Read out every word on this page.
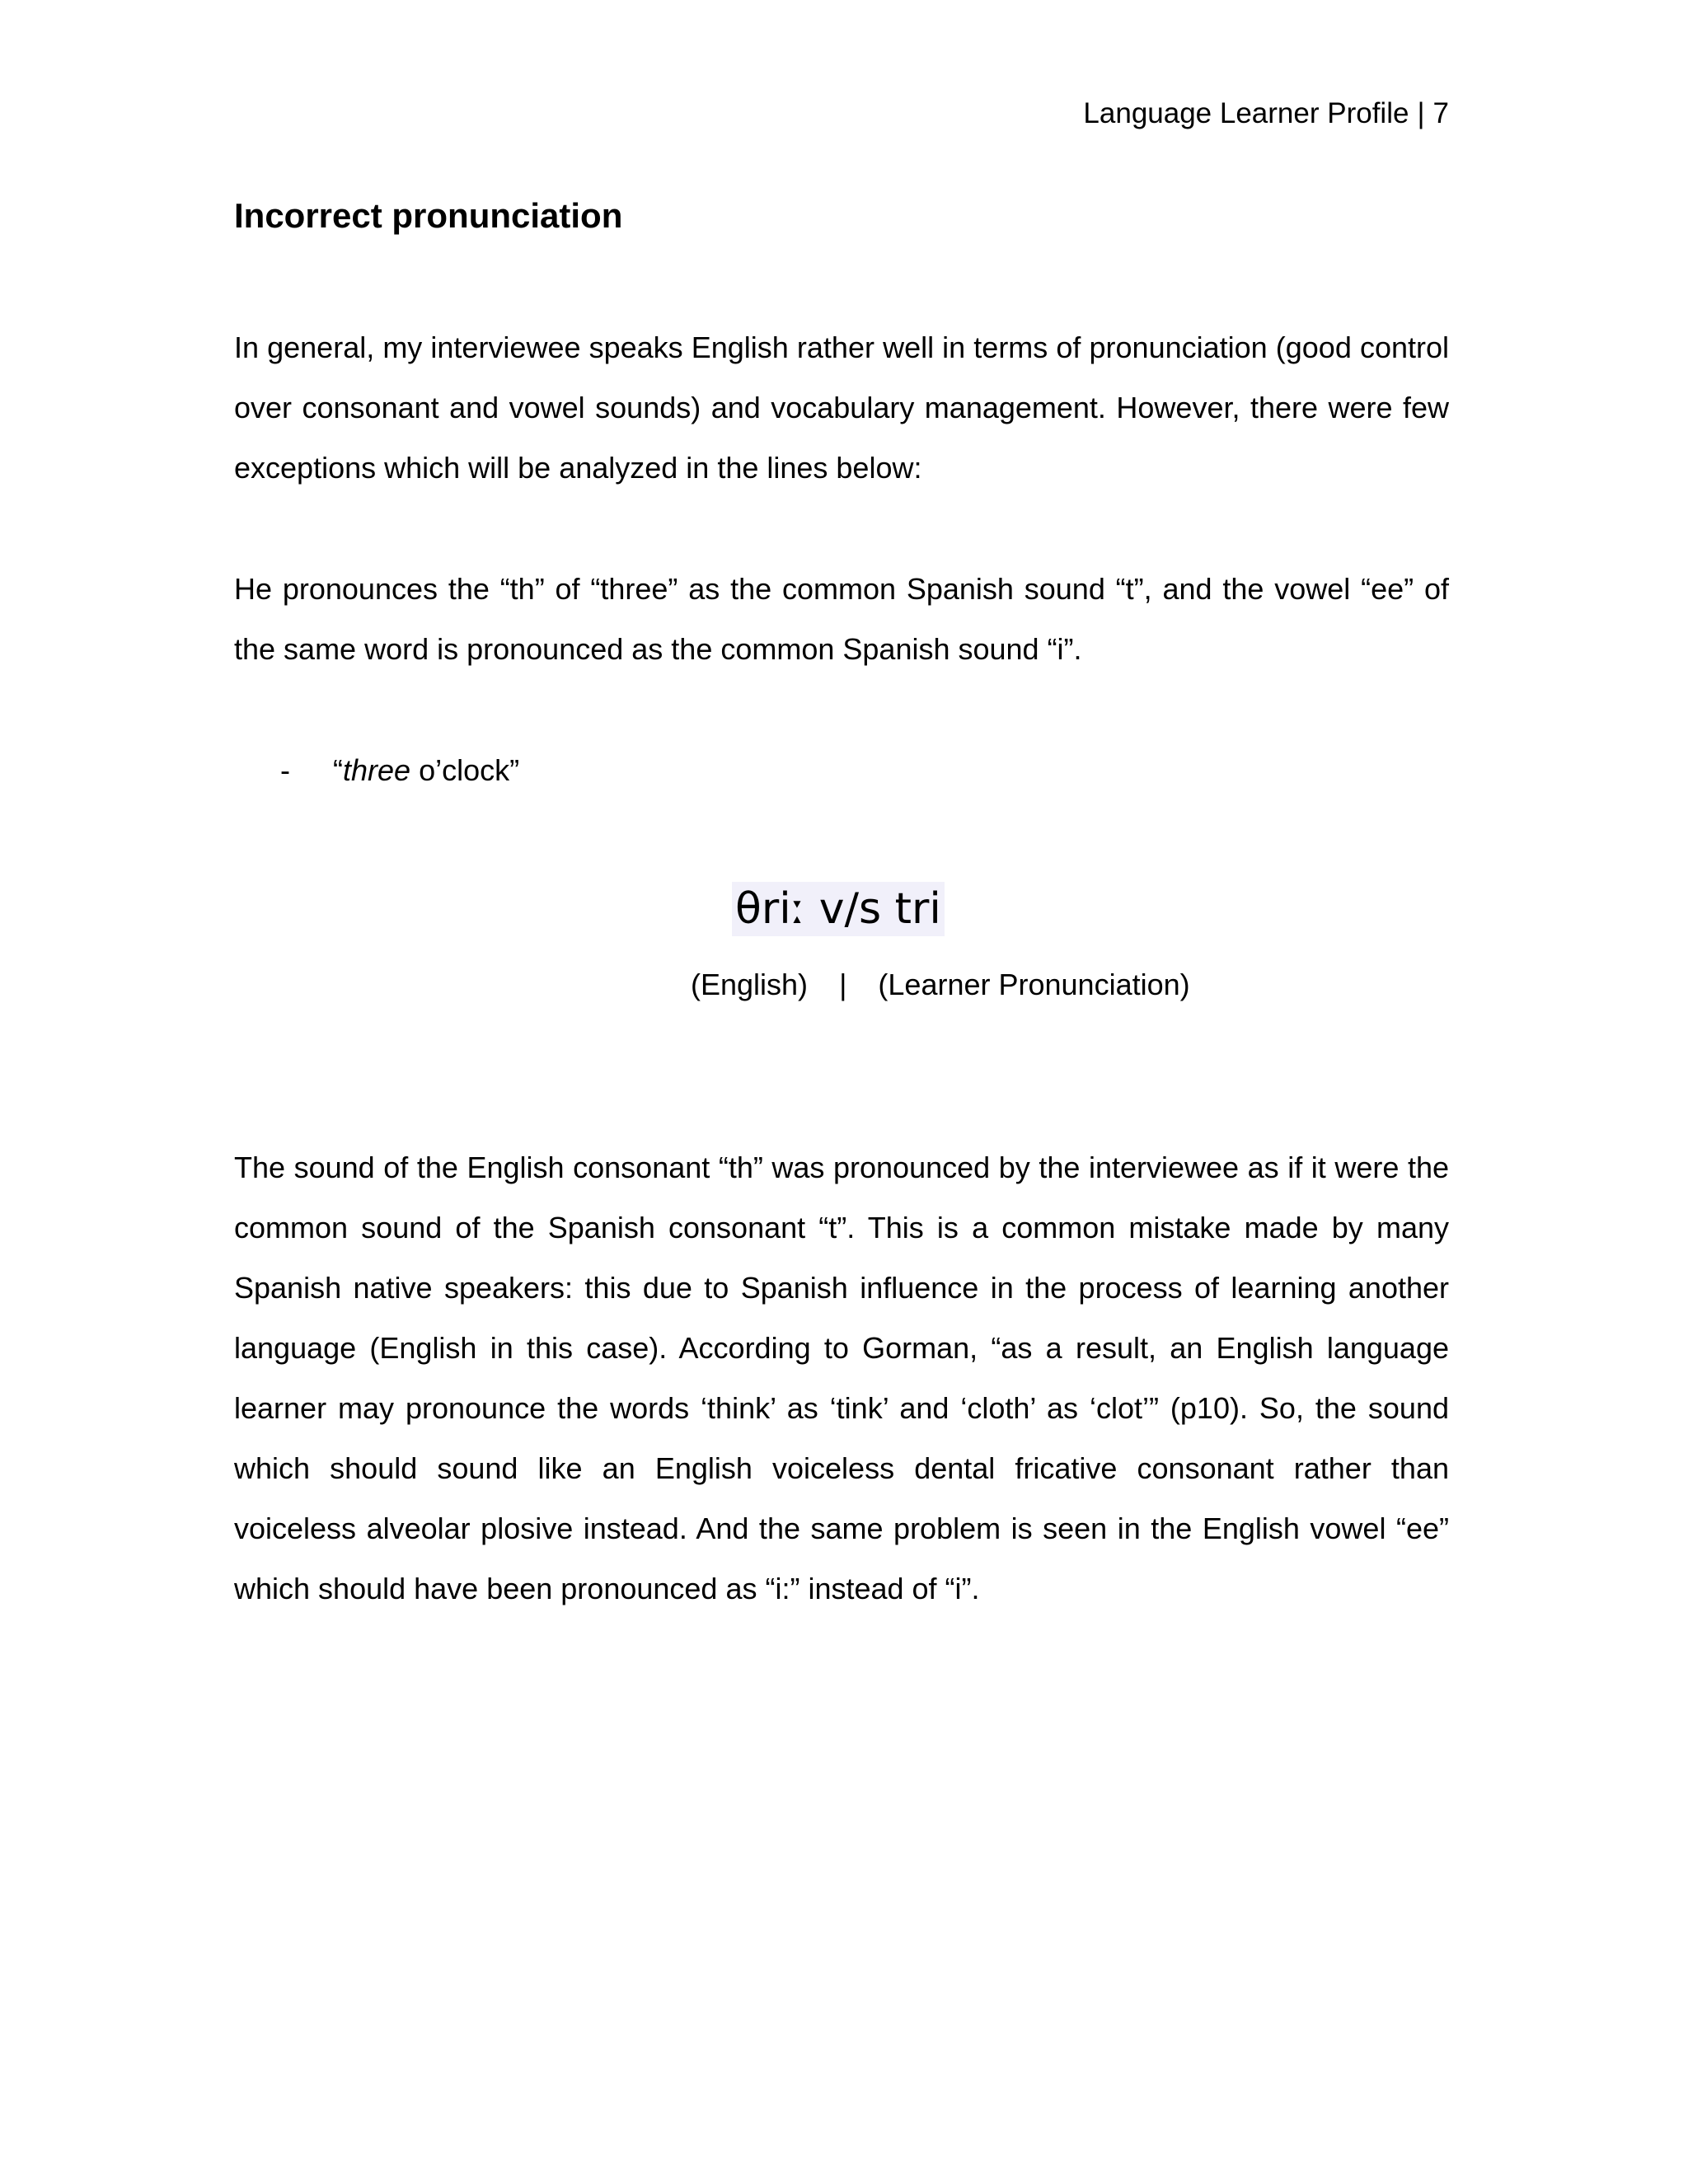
Language Learner Profile | 7
Incorrect pronunciation

In general, my interviewee speaks English rather well in terms of pronunciation (good control over consonant and vowel sounds) and vocabulary management. However, there were few exceptions which will be analyzed in the lines below:

He pronounces the “th” of “three” as the common Spanish sound “t”, and the vowel “ee” of the same word is pronounced as the common Spanish sound “i”.

- “three o’clock”
θriː v/s tri
(English) | (Learner Pronunciation)

The sound of the English consonant “th” was pronounced by the interviewee as if it were the common sound of the Spanish consonant “t”. This is a common mistake made by many Spanish native speakers: this due to Spanish influence in the process of learning another language (English in this case). According to Gorman, “as a result, an English language learner may pronounce the words ‘think’ as ‘tink’ and ‘cloth’ as ‘clot’” (p10). So, the sound which should sound like an English voiceless dental fricative consonant rather than voiceless alveolar plosive instead. And the same problem is seen in the English vowel “ee” which should have been pronounced as “i:” instead of “i”.
